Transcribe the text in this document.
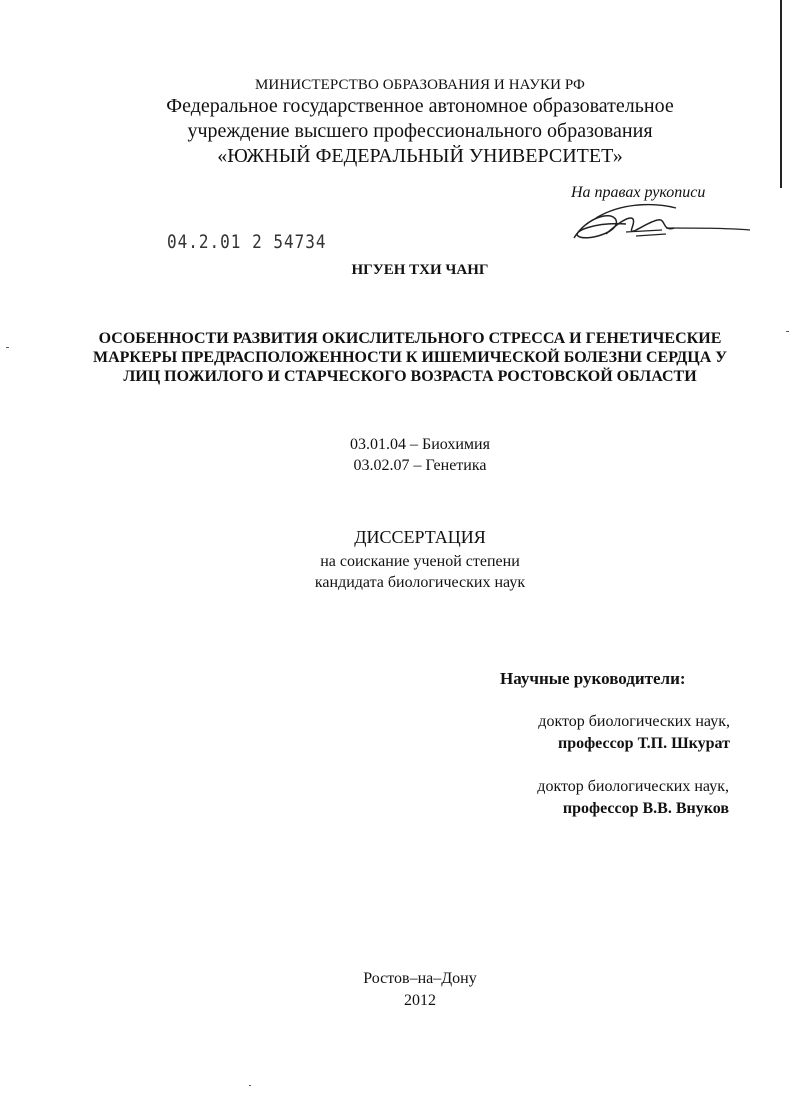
МИНИСТЕРСТВО ОБРАЗОВАНИЯ И НАУКИ РФ
Федеральное государственное автономное образовательное
учреждение высшего профессионального образования
«ЮЖНЫЙ ФЕДЕРАЛЬНЫЙ УНИВЕРСИТЕТ»
На правах рукописи
04.2.01 2 54734
НГУЕН ТХИ ЧАНГ
ОСОБЕННОСТИ РАЗВИТИЯ ОКИСЛИТЕЛЬНОГО СТРЕССА И ГЕНЕТИЧЕСКИЕ
МАРКЕРЫ ПРЕДРАСПОЛОЖЕННОСТИ К ИШЕМИЧЕСКОЙ БОЛЕЗНИ СЕРДЦА У
ЛИЦ ПОЖИЛОГО И СТАРЧЕСКОГО ВОЗРАСТА РОСТОВСКОЙ ОБЛАСТИ
03.01.04 – Биохимия
03.02.07 – Генетика
ДИССЕРТАЦИЯ
на соискание ученой степени
кандидата биологических наук
Научные руководители:
доктор биологических наук,
профессор Т.П. Шкурат
доктор биологических наук,
профессор В.В. Внуков
Ростов–на–Дону
2012
